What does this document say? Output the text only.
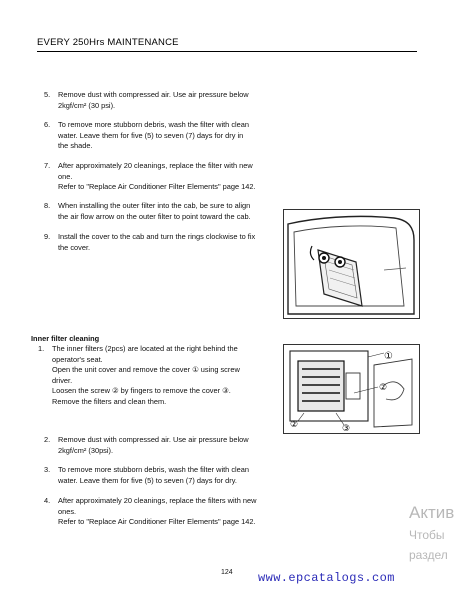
EVERY 250Hrs MAINTENANCE
5. Remove dust with compressed air. Use air pressure below
2kgf/cm² (30 psi).
6. To remove more stubborn debris, wash the filter with clean
water. Leave them for five (5) to seven (7) days for dry in
the shade.
7. After approximately 20 cleanings, replace the filter with new
one.
Refer to "Replace Air Conditioner Filter Elements" page 142.
8. When installing the outer filter into the cab, be sure to align
the air flow arrow on the outer filter to point toward the cab.
9. Install the cover to the cab and turn the rings clockwise to fix
the cover.
Inner filter cleaning
1. The inner filters (2pcs) are located at the right behind the
operator's seat.
Open the unit cover and remove the cover ① using screw
driver.
Loosen the screw ② by fingers to remove the cover ③.
Remove the filters and clean them.
2. Remove dust with compressed air. Use air pressure below
2kgf/cm² (30psi).
3. To remove more stubborn debris, wash the filter with clean
water. Leave them for five (5) to seven (7) days for dry.
4. After approximately 20 cleanings, replace the filters with new
ones.
Refer to "Replace Air Conditioner Filter Elements" page 142.
①
②
②	③
124 www.epcatalogs.com
Актив
Чтобы
раздел
